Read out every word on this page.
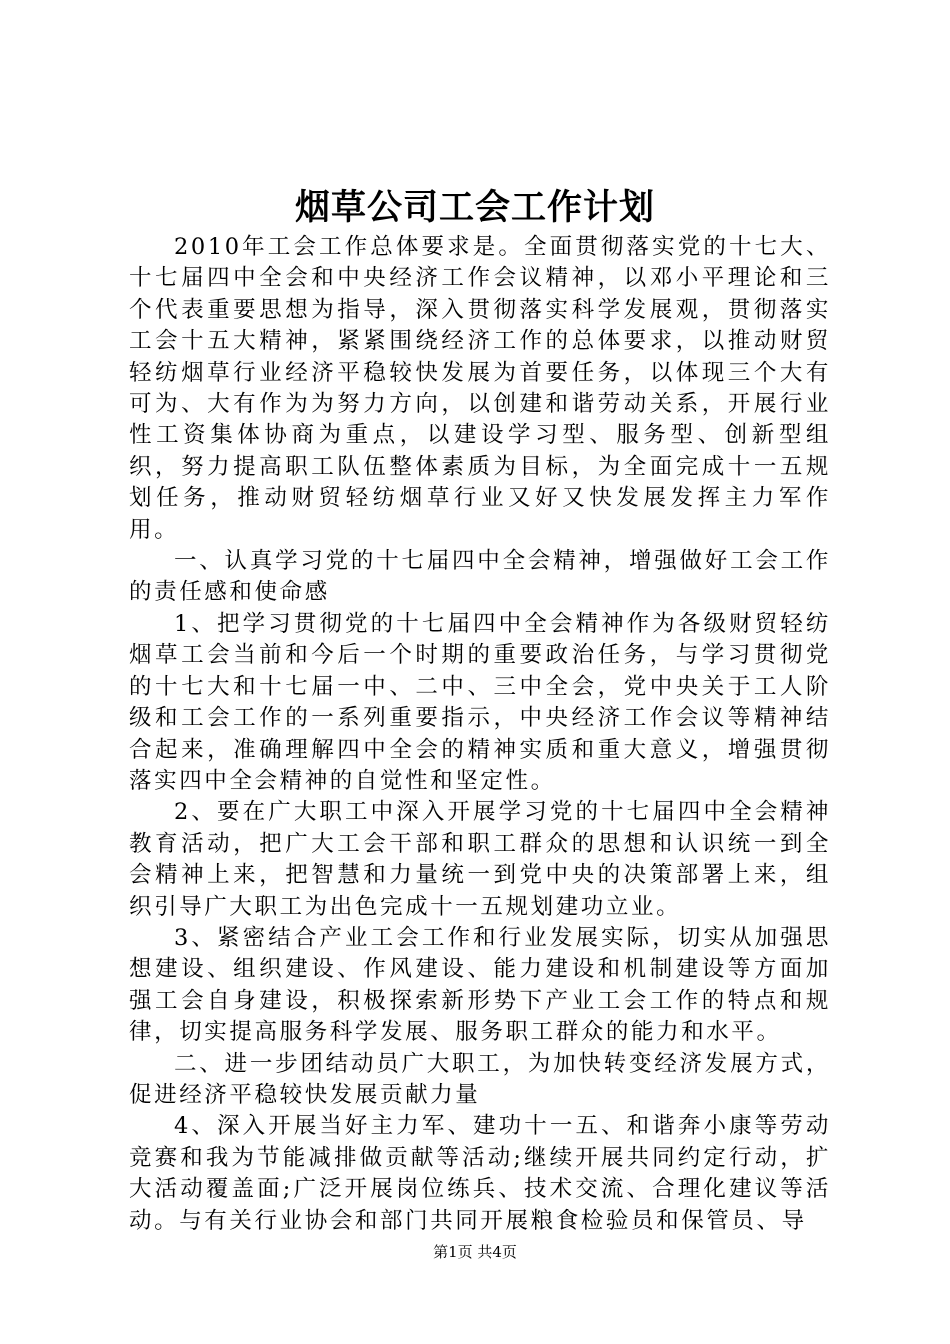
烟草公司工会工作计划

2010年工会工作总体要求是。全面贯彻落实党的十七大、十七届四中全会和中央经济工作会议精神，以邓小平理论和三个代表重要思想为指导，深入贯彻落实科学发展观，贯彻落实工会十五大精神，紧紧围绕经济工作的总体要求，以推动财贸轻纺烟草行业经济平稳较快发展为首要任务，以体现三个大有可为、大有作为为努力方向，以创建和谐劳动关系，开展行业性工资集体协商为重点，以建设学习型、服务型、创新型组织，努力提高职工队伍整体素质为目标，为全面完成十一五规划任务，推动财贸轻纺烟草行业又好又快发展发挥主力军作用。

一、认真学习党的十七届四中全会精神，增强做好工会工作的责任感和使命感

1、把学习贯彻党的十七届四中全会精神作为各级财贸轻纺烟草工会当前和今后一个时期的重要政治任务，与学习贯彻党的十七大和十七届一中、二中、三中全会，党中央关于工人阶级和工会工作的一系列重要指示，中央经济工作会议等精神结合起来，准确理解四中全会的精神实质和重大意义，增强贯彻落实四中全会精神的自觉性和坚定性。

2、要在广大职工中深入开展学习党的十七届四中全会精神教育活动，把广大工会干部和职工群众的思想和认识统一到全会精神上来，把智慧和力量统一到党中央的决策部署上来，组织引导广大职工为出色完成十一五规划建功立业。

3、紧密结合产业工会工作和行业发展实际，切实从加强思想建设、组织建设、作风建设、能力建设和机制建设等方面加强工会自身建设，积极探索新形势下产业工会工作的特点和规律，切实提高服务科学发展、服务职工群众的能力和水平。

二、进一步团结动员广大职工，为加快转变经济发展方式，促进经济平稳较快发展贡献力量

4、深入开展当好主力军、建功十一五、和谐奔小康等劳动竞赛和我为节能减排做贡献等活动;继续开展共同约定行动，扩大活动覆盖面;广泛开展岗位练兵、技术交流、合理化建议等活动。与有关行业协会和部门共同开展粮食检验员和保管员、导

第1页 共4页
